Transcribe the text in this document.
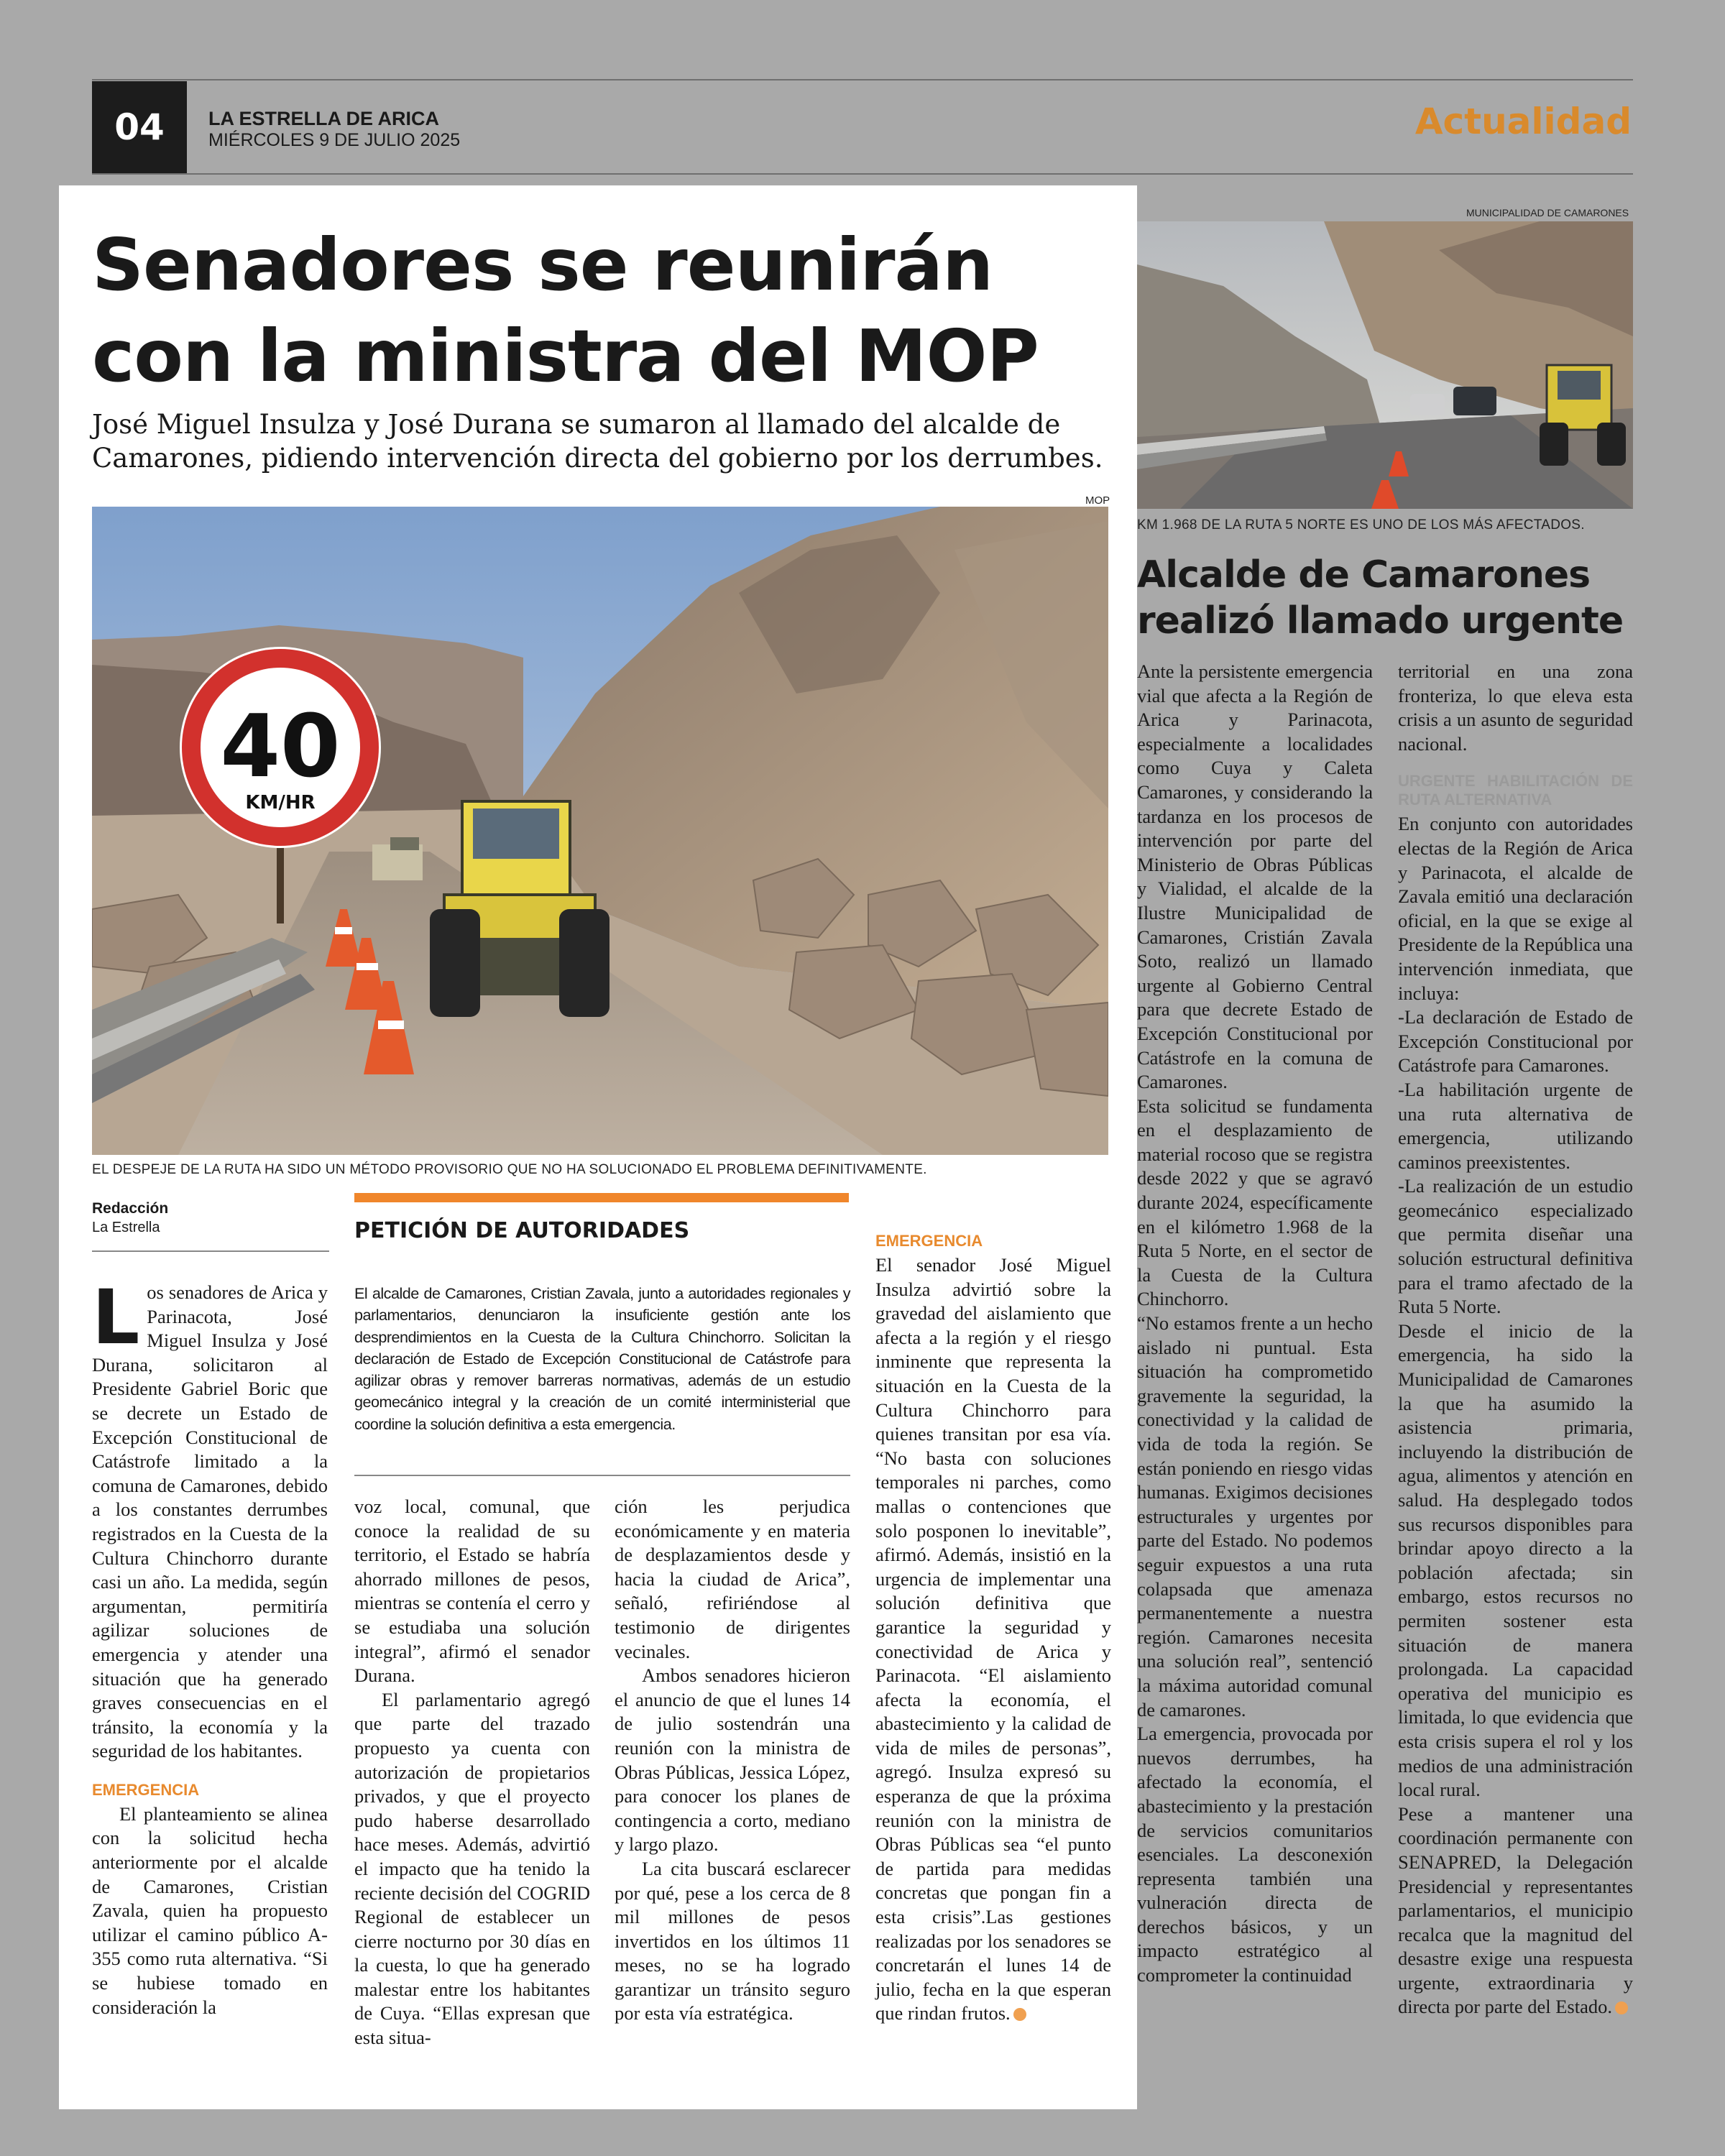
04	LA ESTRELLA DE ARICA
MIÉRCOLES 9 DE JULIO 2025	Actualidad
Senadores se reunirán
con la ministra del MOP
José Miguel Insulza y José Durana se sumaron al llamado del alcalde de Camarones, pidiendo intervención directa del gobierno por los derrumbes.
MOP
40
KM/HR
EL DESPEJE DE LA RUTA HA SIDO UN MÉTODO PROVISORIO QUE NO HA SOLUCIONADO EL PROBLEMA DEFINITIVAMENTE.
Redacción
La Estrella

Los senadores de Arica y Parinacota, José Miguel Insulza y José Durana, solicitaron al Presidente Gabriel Boric que se decrete un Estado de Excepción Constitucional de Catástrofe limitado a la comuna de Camarones, debido a los constantes derrumbes registrados en la Cuesta de la Cultura Chinchorro durante casi un año. La medida, según argumentan, permitiría agilizar soluciones de emergencia y atender una situación que ha generado graves consecuencias en el tránsito, la economía y la seguridad de los habitantes.

EMERGENCIA

El planteamiento se alinea con la solicitud hecha anteriormente por el alcalde de Camarones, Cristian Zavala, quien ha propuesto utilizar el camino público A-355 como ruta alternativa. “Si se hubiese tomado en consideración la

PETICIÓN DE AUTORIDADES
El alcalde de Camarones, Cristian Zavala, junto a autoridades regionales y parlamentarios, denunciaron la insuficiente gestión ante los desprendimientos en la Cuesta de la Cultura Chinchorro. Solicitan la declaración de Estado de Excepción Constitucional de Catástrofe para agilizar obras y remover barreras normativas, además de un estudio geomecánico integral y la creación de un comité interministerial que coordine la solución definitiva a esta emergencia.

voz local, comunal, que conoce la realidad de su territorio, el Estado se habría ahorrado millones de pesos, mientras se contenía el cerro y se estudiaba una solución integral”, afirmó el senador Durana.

El parlamentario agregó que parte del trazado propuesto ya cuenta con autorización de propietarios privados, y que el proyecto pudo haberse desarrollado hace meses. Además, advirtió el impacto que ha tenido la reciente decisión del COGRID Regional de establecer un cierre nocturno por 30 días en la cuesta, lo que ha generado malestar entre los habitantes de Cuya. “Ellas expresan que esta situa-

ción les perjudica económicamente y en materia de desplazamientos desde y hacia la ciudad de Arica”, señaló, refiriéndose al testimonio de dirigentes vecinales.

Ambos senadores hicieron el anuncio de que el lunes 14 de julio sostendrán una reunión con la ministra de Obras Públicas, Jessica López, para conocer los planes de contingencia a corto, mediano y largo plazo.

La cita buscará esclarecer por qué, pese a los cerca de 8 mil millones de pesos invertidos en los últimos 11 meses, no se ha logrado garantizar un tránsito seguro por esta vía estratégica.

EMERGENCIA

El senador José Miguel Insulza advirtió sobre la gravedad del aislamiento que afecta a la región y el riesgo inminente que representa la situación en la Cuesta de la Cultura Chinchorro para quienes transitan por esa vía. “No basta con soluciones temporales ni parches, como mallas o contenciones que solo posponen lo inevitable”, afirmó. Además, insistió en la urgencia de implementar una solución definitiva que garantice la seguridad y conectividad de Arica y Parinacota. “El aislamiento afecta la economía, el abastecimiento y la calidad de vida de miles de personas”, agregó. Insulza expresó su esperanza de que la próxima reunión con la ministra de Obras Públicas sea “el punto de partida para medidas concretas que pongan fin a esta crisis”.Las gestiones realizadas por los senadores se concretarán el lunes 14 de julio, fecha en la que esperan que rindan frutos.

MUNICIPALIDAD DE CAMARONES
KM 1.968 DE LA RUTA 5 NORTE ES UNO DE LOS MÁS AFECTADOS.
Alcalde de Camarones
realizó llamado urgente

Ante la persistente emergencia vial que afecta a la Región de Arica y Parinacota, especialmente a localidades como Cuya y Caleta Camarones, y considerando la tardanza en los procesos de intervención por parte del Ministerio de Obras Públicas y Vialidad, el alcalde de la Ilustre Municipalidad de Camarones, Cristián Zavala Soto, realizó un llamado urgente al Gobierno Central para que decrete Estado de Excepción Constitucional por Catástrofe en la comuna de Camarones.

Esta solicitud se fundamenta en el desplazamiento de material rocoso que se registra desde 2022 y que se agravó durante 2024, específicamente en el kilómetro 1.968 de la Ruta 5 Norte, en el sector de la Cuesta de la Cultura Chinchorro.

“No estamos frente a un hecho aislado ni puntual. Esta situación ha comprometido gravemente la seguridad, la conectividad y la calidad de vida de toda la región. Se están poniendo en riesgo vidas humanas. Exigimos decisiones estructurales y urgentes por parte del Estado. No podemos seguir expuestos a una ruta colapsada que amenaza permanentemente a nuestra región. Camarones necesita una solución real”, sentenció la máxima autoridad comunal de camarones.

La emergencia, provocada por nuevos derrumbes, ha afectado la economía, el abastecimiento y la prestación de servicios comunitarios esenciales. La desconexión representa también una vulneración directa de derechos básicos, y un impacto estratégico al comprometer la continuidad

territorial en una zona fronteriza, lo que eleva esta crisis a un asunto de seguridad nacional.

URGENTE HABILITACIÓN DE RUTA ALTERNATIVA

En conjunto con autoridades electas de la Región de Arica y Parinacota, el alcalde de Zavala emitió una declaración oficial, en la que se exige al Presidente de la República una intervención inmediata, que incluya:

-La declaración de Estado de Excepción Constitucional por Catástrofe para Camarones.

-La habilitación urgente de una ruta alternativa de emergencia, utilizando caminos preexistentes.

-La realización de un estudio geomecánico especializado que permita diseñar una solución estructural definitiva para el tramo afectado de la Ruta 5 Norte.

Desde el inicio de la emergencia, ha sido la Municipalidad de Camarones la que ha asumido la asistencia primaria, incluyendo la distribución de agua, alimentos y atención en salud. Ha desplegado todos sus recursos disponibles para brindar apoyo directo a la población afectada; sin embargo, estos recursos no permiten sostener esta situación de manera prolongada. La capacidad operativa del municipio es limitada, lo que evidencia que esta crisis supera el rol y los medios de una administración local rural.

Pese a mantener una coordinación permanente con SENAPRED, la Delegación Presidencial y representantes parlamentarios, el municipio recalca que la magnitud del desastre exige una respuesta urgente, extraordinaria y directa por parte del Estado.
